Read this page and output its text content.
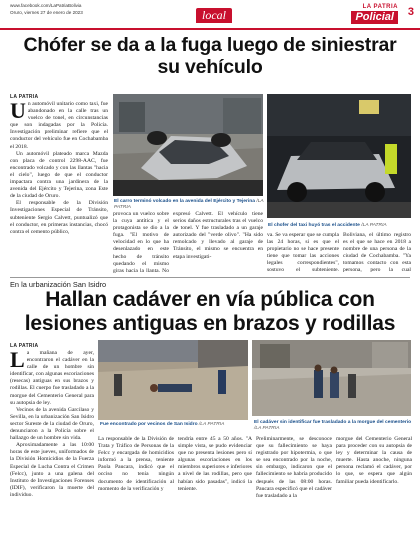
www.facebook.com/LaPatriaBolivia
Oruro, viernes 27 de enero de 2023	local
LA PATRIA
Policial	3
Chófer se da a la fuga luego de siniestrar su vehículo
LA PATRIA

Un automóvil unitario como taxi, fue abandonado en la calle tras un vuelco de tonel, en circunstancias que son indagadas por la Policía. Investigación preliminar refiere que el conductor del vehículo fue en Cochabamba el 2018.

Un automóvil plateado marca Mazda con placa de control 2298-AAC, fue encontrado volcado y con las llantas "hacia el cielo", luego de que el conductor impactara contra una jardinera de la avenida del Ejército y Tejerina, zona Este de la ciudad de Oruro.

El responsable de la División Investigaciones Especial de Tránsito, subteniente Sergio Calvett, puntualizó que el conductor, en primeras instancias, chocó contra el cemento público,

El carro terminó volcado en la avenida del Ejército y Tejerina /LA PATRIA
El chofer del taxi huyó tras el accidente /LA PATRIA
provoca un vuelco sobre la cuya antítica y el protagonista se dio a la fuga. "El motivo de velocidad en lo que ha desenlazado en este hecho de tránsito quedando el mismo giras hacia la llanta. No
expresó Calvett. El vehículo tiene serios daños estructurales tras el vuelco de tonel. Y fue trasladado a un garaje autorizado del "verde olivo". "Ha sido remolcado y llevado al garaje de Tránsito, el mismo se encuentra en etapa investigati-
va. Se va esperar que se cumpla las 24 horas, si es que el propietario no se hace presente tiene que tomar las acciones legales correspondientes", sostuvo el subteniente.
Boliviana, el último registro es el que se hace en 2018 a nombre de una persona de la ciudad de Cochabamba. "Ya tomamos contacto con esta persona, pero la cual
En la urbanización San Isidro
Hallan cadáver en vía pública con lesiones antiguas en brazos y rodillas
LA PATRIA

La mañana de ayer, encontraron el cadáver en la calle de un hombre sin identificar, con algunas escoriaciones (resecas) antiguas en sus brazos y rodillas. El cuerpo fue trasladado a la morgue del Cementerio General para su autopsia de ley.

Vecinos de la avenida Garcilaso y Sevilla, en la urbanización San Isidro sector Sureste de la ciudad de Oruro, denunciaron a la Policía sobre el hallazgo de un hombre sin vida.

Aproximadamente a las 10:00 horas de este jueves, uniformados de la División Homicidios de la Fuerza Especial de Lucha Contra el Crimen (Felcc), junto a una galena del Instituto de Investigaciones Forenses (IDIF), verificaron la muerte del individuo.

Fue encontrado por vecinos de San Isidro /LA PATRIA	El cadáver sin identificar fue trasladado a la morgue del cementerio /LA PATRIA
La responsable de la División de Trata y Tráfico de Personas de la Felcc y encargada de homicidios informó a la prensa, teniente Paola Paucara, indicó que el occiso no tenía ningún documento de identificación al momento de la verificación y
tendría entre 45 a 50 años. "A simple vista, se pudo evidenciar que no presenta lesiones pero sí algunas escoriaciones en los miembros superiores e inferiores a nivel de las rodillas, pero que habían sido pasadas", indicó la teniente.
Preliminarmente, se desconoce que su fallecimiento se haya registrado por hipotermia, o que se sea encontrado por la noche, sin embargo, indicaron que el fallecimiento se habría producido después de las 08:00 horas. Paucara especificó que el cadáver fue trasladado a la
morgue del Cementerio General para proceder con su autopsia de ley y determinar la causa de muerte. Hasta anoche, ninguna persona reclamó el cadáver, por lo que, se espera que algún familiar pueda identificarlo.
